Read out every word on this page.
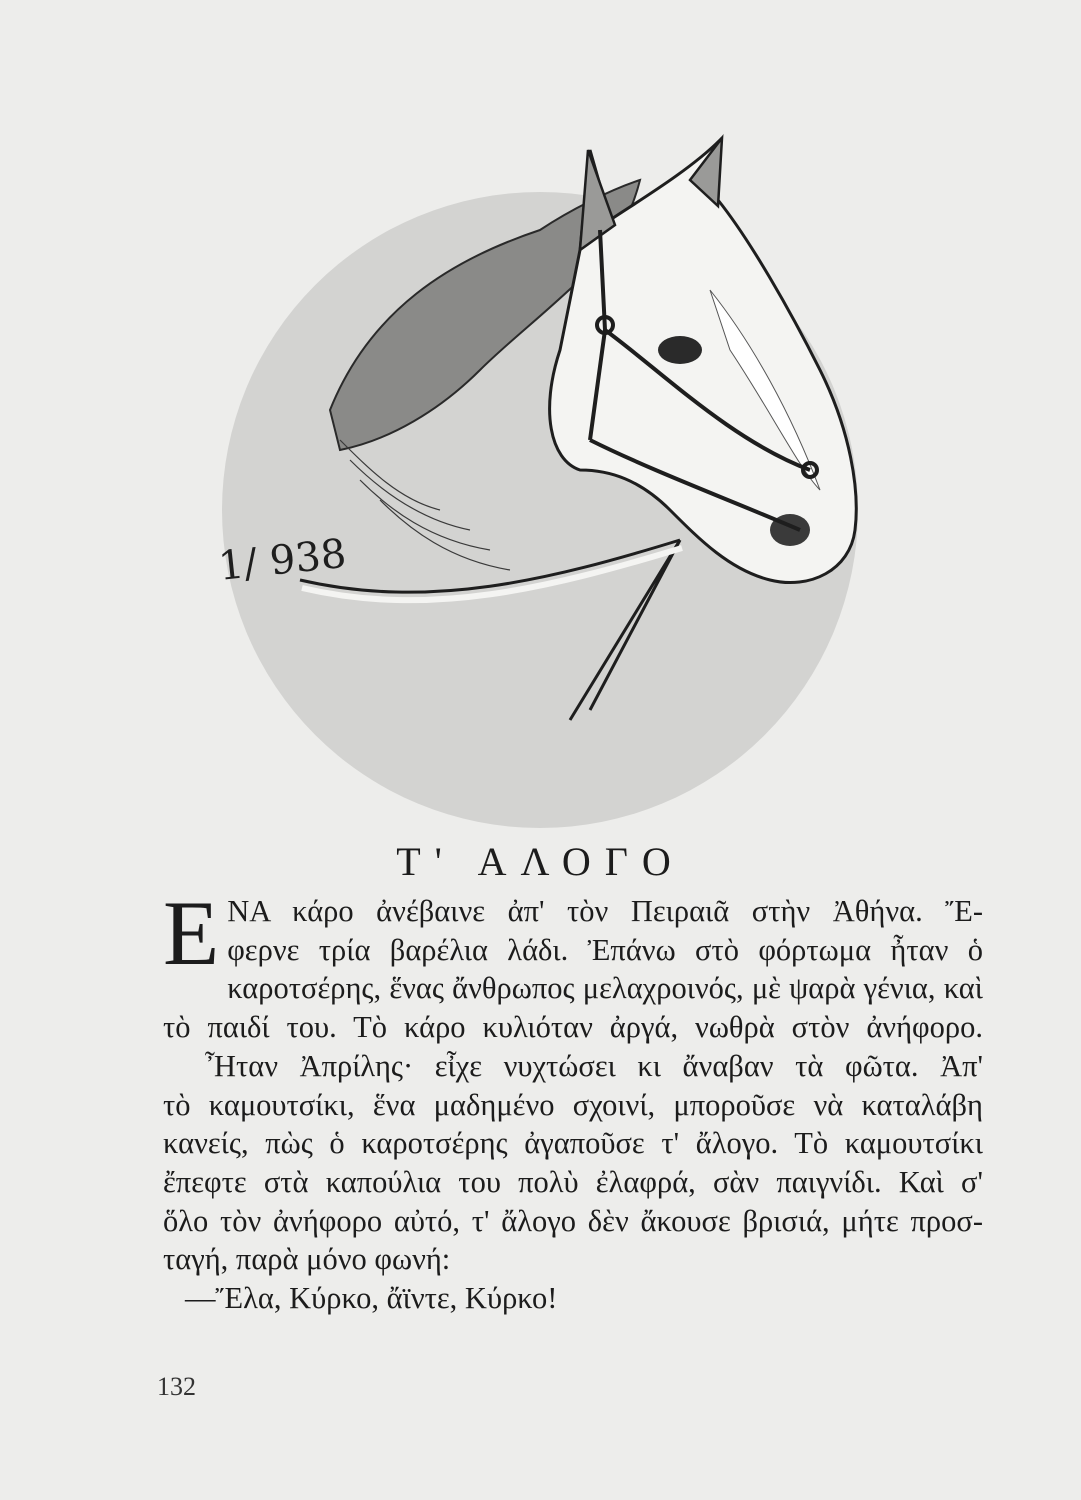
1/ 938
Τ' ΑΛΟΓΟ
E ΝΑ κάρο ἀνέβαινε ἀπ' τὸν Πειραιᾶ στὴν Ἀθήνα. Ἔ-
φερνε τρία βαρέλια λάδι. Ἐπάνω στὸ φόρτωμα ἦταν ὁ
καροτσέρης, ἕνας ἄνθρωπος μελαχροινός, μὲ ψαρὰ γένια, καὶ
τὸ παιδί του. Τὸ κάρο κυλιόταν ἀργά, νωθρὰ στὸν ἀνήφορο.
Ἦταν Ἀπρίλης· εἶχε νυχτώσει κι ἄναβαν τὰ φῶτα. Ἀπ'
τὸ καμουτσίκι, ἕνα μαδημένο σχοινί, μποροῦσε νὰ καταλάβη
κανείς, πὼς ὁ καροτσέρης ἀγαποῦσε τ' ἄλογο. Τὸ καμουτσίκι
ἔπεφτε στὰ καπούλια του πολὺ ἐλαφρά, σὰν παιγνίδι. Καὶ σ'
ὅλο τὸν ἀνήφορο αὐτό, τ' ἄλογο δὲν ἄκουσε βρισιά, μήτε προσ-
ταγή, παρὰ μόνο φωνή:
—Ἔλα, Κύρκο, ἄϊντε, Κύρκο!
132
